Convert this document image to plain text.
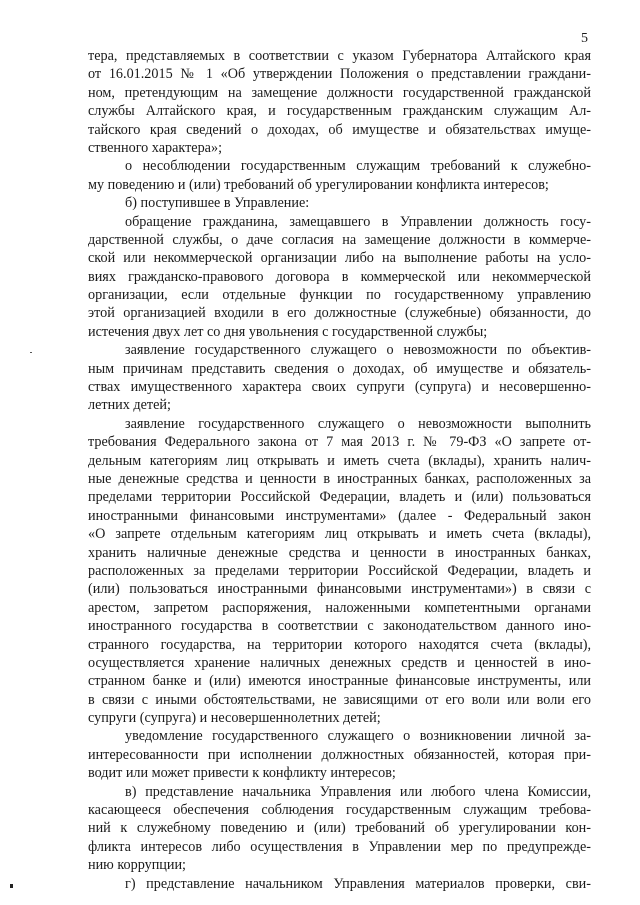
5
тера, представляемых в соответствии с указом Губернатора Алтайского края
от 16.01.2015 № 1 «Об утверждении Положения о представлении граждани-
ном, претендующим на замещение должности государственной гражданской
службы Алтайского края, и государственным гражданским служащим Ал-
тайского края сведений о доходах, об имуществе и обязательствах имуще-
ственного характера»;
о несоблюдении государственным служащим требований к служебно-
му поведению и (или) требований об урегулировании конфликта интересов;
б) поступившее в Управление:
обращение гражданина, замещавшего в Управлении должность госу-
дарственной службы, о даче согласия на замещение должности в коммерче-
ской или некоммерческой организации либо на выполнение работы на усло-
виях гражданско-правового договора в коммерческой или некоммерческой
организации, если отдельные функции по государственному управлению
этой организацией входили в его должностные (служебные) обязанности, до
истечения двух лет со дня увольнения с государственной службы;
заявление государственного служащего о невозможности по объектив-
ным причинам представить сведения о доходах, об имуществе и обязатель-
ствах имущественного характера своих супруги (супруга) и несовершенно-
летних детей;
заявление государственного служащего о невозможности выполнить
требования Федерального закона от 7 мая 2013 г. № 79-ФЗ «О запрете от-
дельным категориям лиц открывать и иметь счета (вклады), хранить налич-
ные денежные средства и ценности в иностранных банках, расположенных за
пределами территории Российской Федерации, владеть и (или) пользоваться
иностранными финансовыми инструментами» (далее - Федеральный закон
«О запрете отдельным категориям лиц открывать и иметь счета (вклады),
хранить наличные денежные средства и ценности в иностранных банках,
расположенных за пределами территории Российской Федерации, владеть и
(или) пользоваться иностранными финансовыми инструментами») в связи с
арестом, запретом распоряжения, наложенными компетентными органами
иностранного государства в соответствии с законодательством данного ино-
странного государства, на территории которого находятся счета (вклады),
осуществляется хранение наличных денежных средств и ценностей в ино-
странном банке и (или) имеются иностранные финансовые инструменты, или
в связи с иными обстоятельствами, не зависящими от его воли или воли его
супруги (супруга) и несовершеннолетних детей;
уведомление государственного служащего о возникновении личной за-
интересованности при исполнении должностных обязанностей, которая при-
водит или может привести к конфликту интересов;
в) представление начальника Управления или любого члена Комиссии,
касающееся обеспечения соблюдения государственным служащим требова-
ний к служебному поведению и (или) требований об урегулировании кон-
фликта интересов либо осуществления в Управлении мер по предупрежде-
нию коррупции;
г) представление начальником Управления материалов проверки, сви-
